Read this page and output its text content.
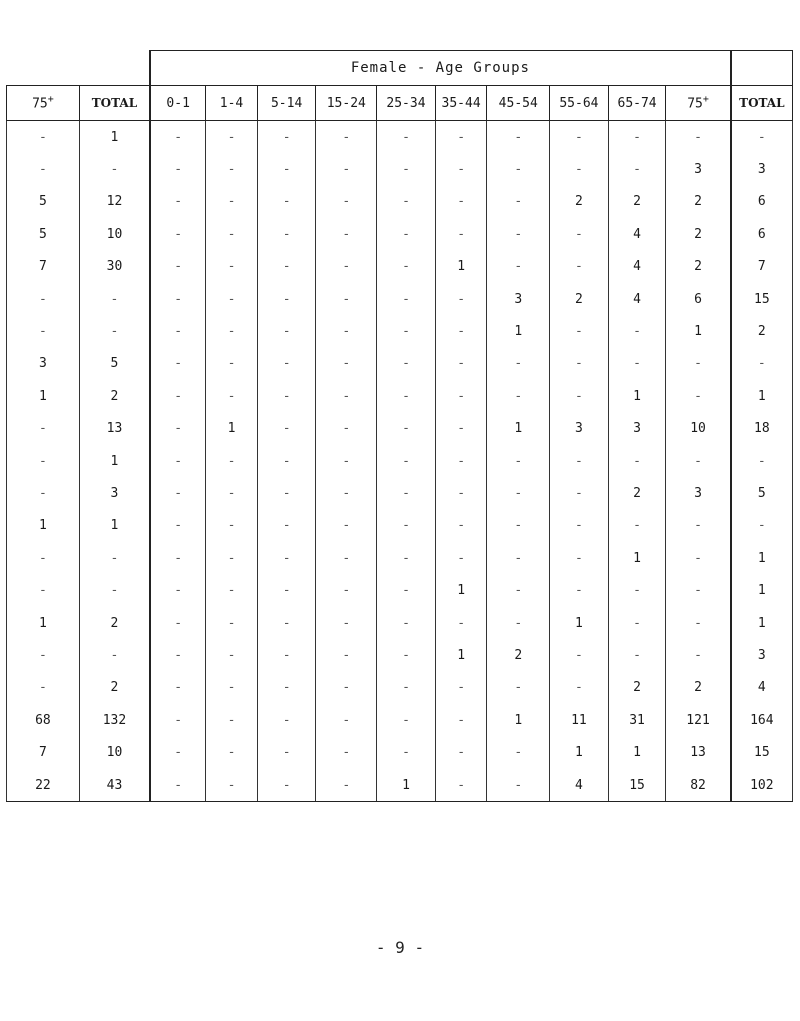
		Female - Age Groups										
75+	TOTAL	0-1	1-4	5-14	15-24	25-34	35-44	45-54	55-64	65-74	75+	TOTAL
-	1	-	-	-	-	-	-	-	-	-	-	-
-	-	-	-	-	-	-	-	-	-	-	3	3
5	12	-	-	-	-	-	-	-	2	2	2	6
5	10	-	-	-	-	-	-	-	-	4	2	6
7	30	-	-	-	-	-	1	-	-	4	2	7
-	-	-	-	-	-	-	-	3	2	4	6	15
-	-	-	-	-	-	-	-	1	-	-	1	2
3	5	-	-	-	-	-	-	-	-	-	-	-
1	2	-	-	-	-	-	-	-	-	1	-	1
-	13	-	1	-	-	-	-	1	3	3	10	18
-	1	-	-	-	-	-	-	-	-	-	-	-
-	3	-	-	-	-	-	-	-	-	2	3	5
1	1	-	-	-	-	-	-	-	-	-	-	-
-	-	-	-	-	-	-	-	-	-	1	-	1
-	-	-	-	-	-	-	1	-	-	-	-	1
1	2	-	-	-	-	-	-	-	1	-	-	1
-	-	-	-	-	-	-	1	2	-	-	-	3
-	2	-	-	-	-	-	-	-	-	2	2	4
68	132	-	-	-	-	-	-	1	11	31	121	164
7	10	-	-	-	-	-	-	-	1	1	13	15
22	43	-	-	-	-	1	-	-	4	15	82	102
- 9 -
